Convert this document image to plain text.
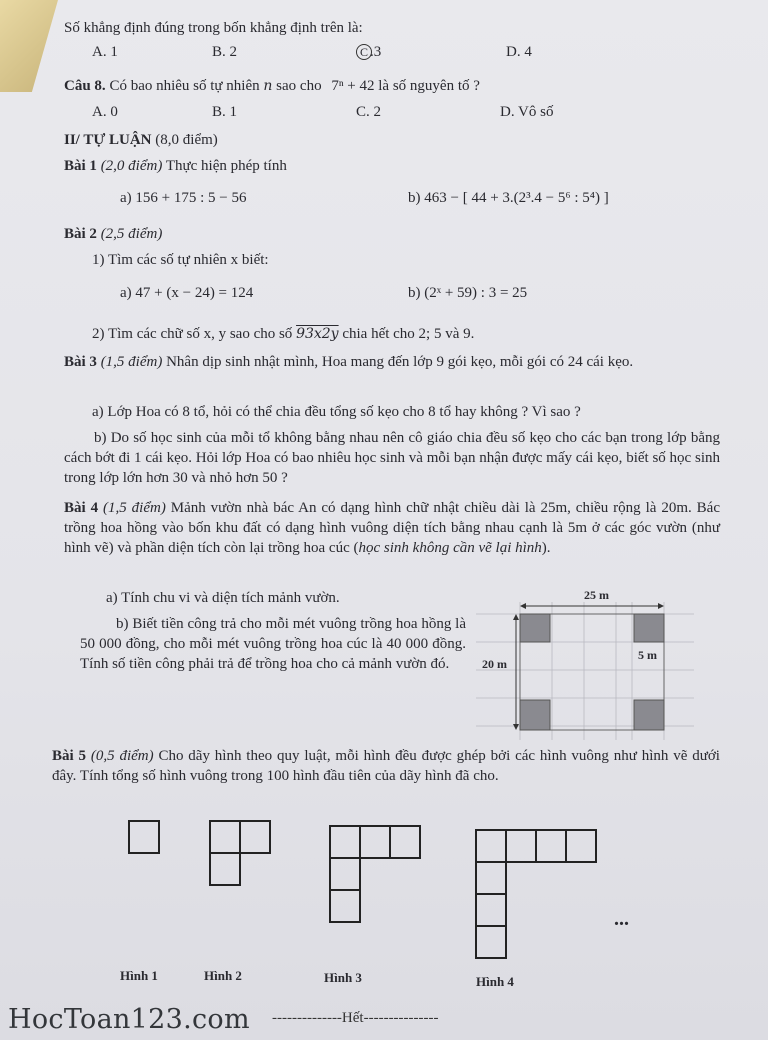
Số khẳng định đúng trong bốn khẳng định trên là:
A. 1	B. 2	C .3	D. 4
Câu 8. Có bao nhiêu số tự nhiên n sao cho 7ⁿ + 42 là số nguyên tố ?
A. 0	B. 1	C. 2	D. Vô số
II/ TỰ LUẬN (8,0 điểm)
Bài 1 (2,0 điểm) Thực hiện phép tính
a) 156 + 175 : 5 − 56	b) 463 − [ 44 + 3.(2³.4 − 5⁶ : 5⁴) ]
Bài 2 (2,5 điểm)
1) Tìm các số tự nhiên x biết:
a) 47 + (x − 24) = 124	b) (2ˣ + 59) : 3 = 25
2) Tìm các chữ số x, y sao cho số 93x2y chia hết cho 2; 5 và 9.
Bài 3 (1,5 điểm) Nhân dịp sinh nhật mình, Hoa mang đến lớp 9 gói kẹo, mỗi gói có 24 cái kẹo.
a) Lớp Hoa có 8 tổ, hỏi có thể chia đều tổng số kẹo cho 8 tổ hay không ? Vì sao ?
b) Do số học sinh của mỗi tổ không bằng nhau nên cô giáo chia đều số kẹo cho các bạn trong lớp bằng cách bớt đi 1 cái kẹo. Hỏi lớp Hoa có bao nhiêu học sinh và mỗi bạn nhận được mấy cái kẹo, biết số học sinh trong lớp lớn hơn 30 và nhỏ hơn 50 ?
Bài 4 (1,5 điểm) Mảnh vườn nhà bác An có dạng hình chữ nhật chiều dài là 25m, chiều rộng là 20m. Bác trồng hoa hồng vào bốn khu đất có dạng hình vuông diện tích bằng nhau cạnh là 5m ở các góc vườn (như hình vẽ) và phần diện tích còn lại trồng hoa cúc (học sinh không cần vẽ lại hình).
a) Tính chu vi và diện tích mảnh vườn.
b) Biết tiền công trả cho mỗi mét vuông trồng hoa hồng là 50 000 đồng, cho mỗi mét vuông trồng hoa cúc là 40 000 đồng. Tính số tiền công phải trả để trồng hoa cho cả mảnh vườn đó.
25 m
20 m
5 m
Bài 5 (0,5 điểm) Cho dãy hình theo quy luật, mỗi hình đều được ghép bởi các hình vuông như hình vẽ dưới đây. Tính tổng số hình vuông trong 100 hình đầu tiên của dãy hình đã cho.
...
Hình 1	Hình 2	Hình 3	Hình 4
HocToan123.com --------------Hết---------------
